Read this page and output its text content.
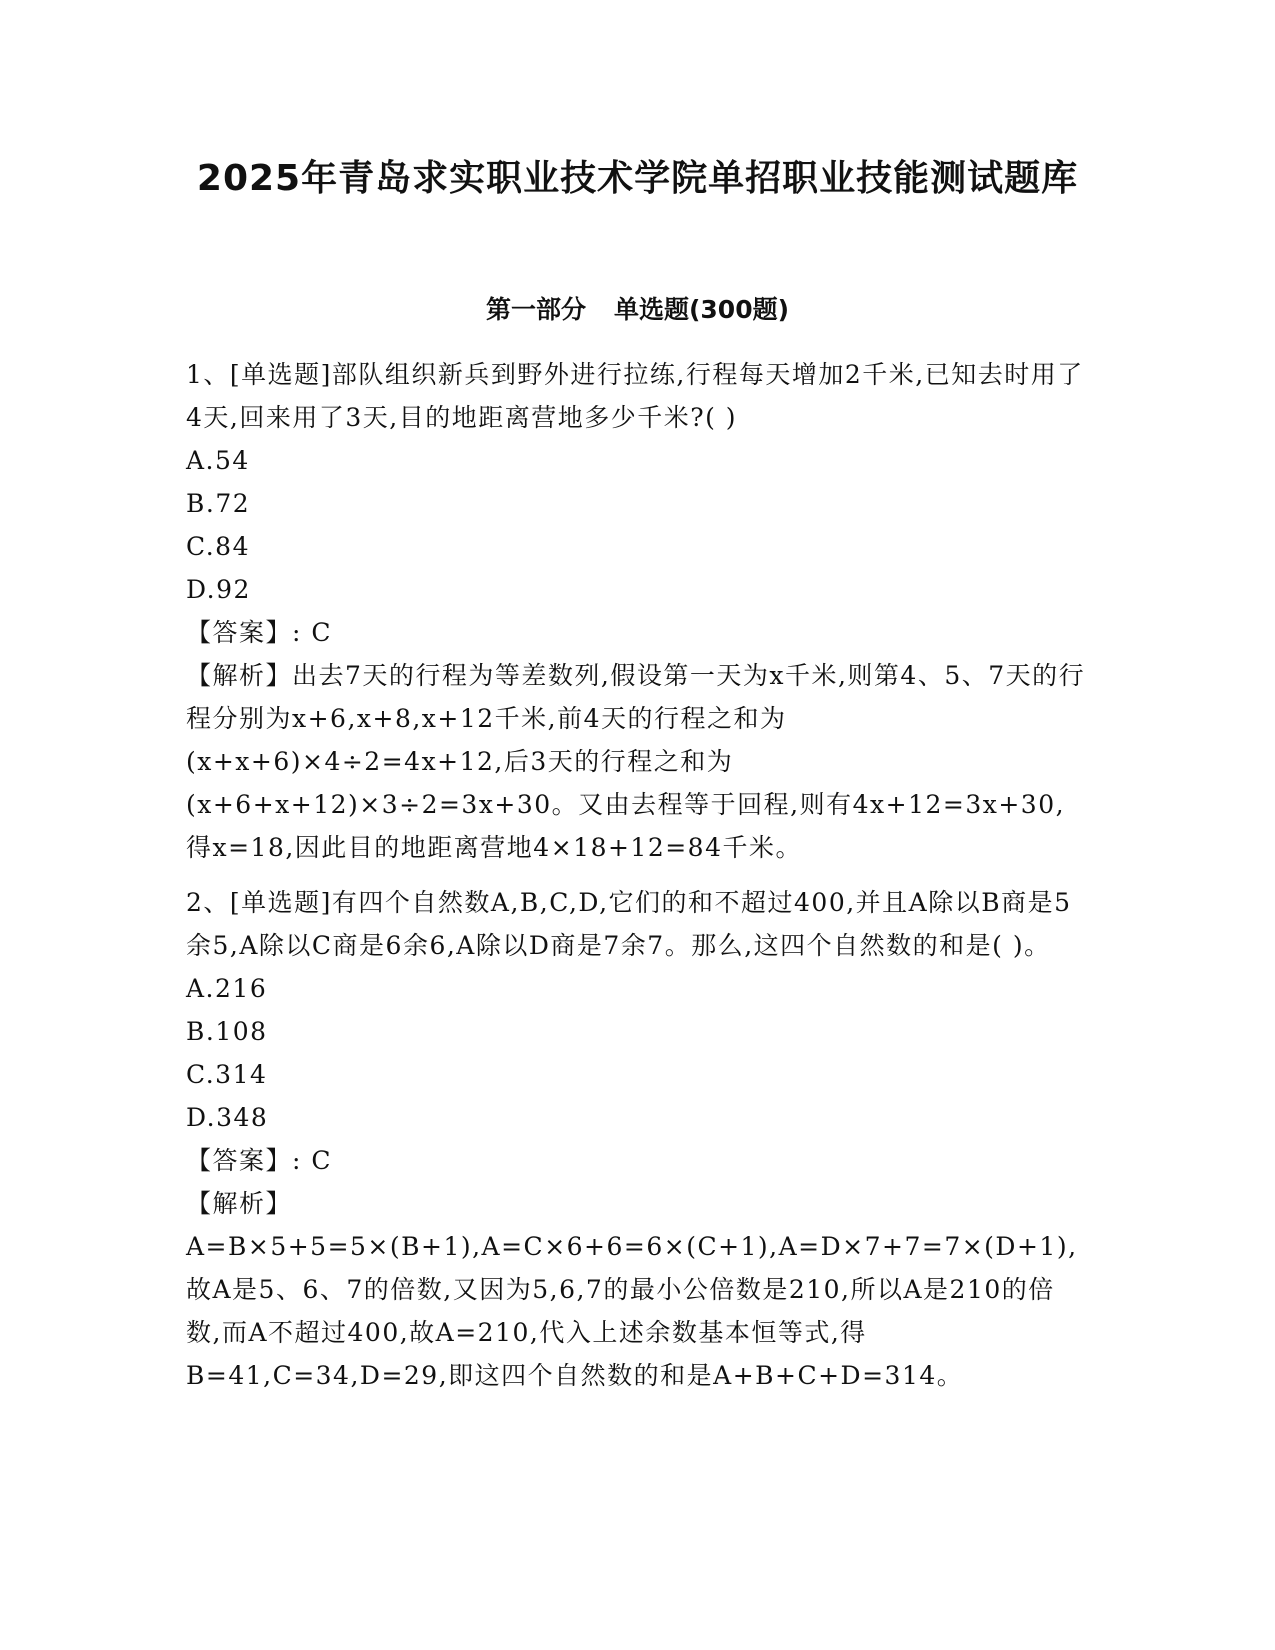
2025年青岛求实职业技术学院单招职业技能测试题库
第一部分 单选题(300题)

1、[单选题]部队组织新兵到野外进行拉练,行程每天增加2千米,已知去时用了4天,回来用了3天,目的地距离营地多少千米?( )

A.54

B.72

C.84

D.92

【答案】: C

【解析】出去7天的行程为等差数列,假设第一天为x千米,则第4、5、7天的行程分别为x+6,x+8,x+12千米,前4天的行程之和为(x+x+6)×4÷2=4x+12,后3天的行程之和为(x+6+x+12)×3÷2=3x+30。又由去程等于回程,则有4x+12=3x+30,得x=18,因此目的地距离营地4×18+12=84千米。

2、[单选题]有四个自然数A,B,C,D,它们的和不超过400,并且A除以B商是5余5,A除以C商是6余6,A除以D商是7余7。那么,这四个自然数的和是( )。

A.216

B.108

C.314

D.348

【答案】: C

【解析】

A=B×5+5=5×(B+1),A=C×6+6=6×(C+1),A=D×7+7=7×(D+1),故A是5、6、7的倍数,又因为5,6,7的最小公倍数是210,所以A是210的倍数,而A不超过400,故A=210,代入上述余数基本恒等式,得B=41,C=34,D=29,即这四个自然数的和是A+B+C+D=314。
